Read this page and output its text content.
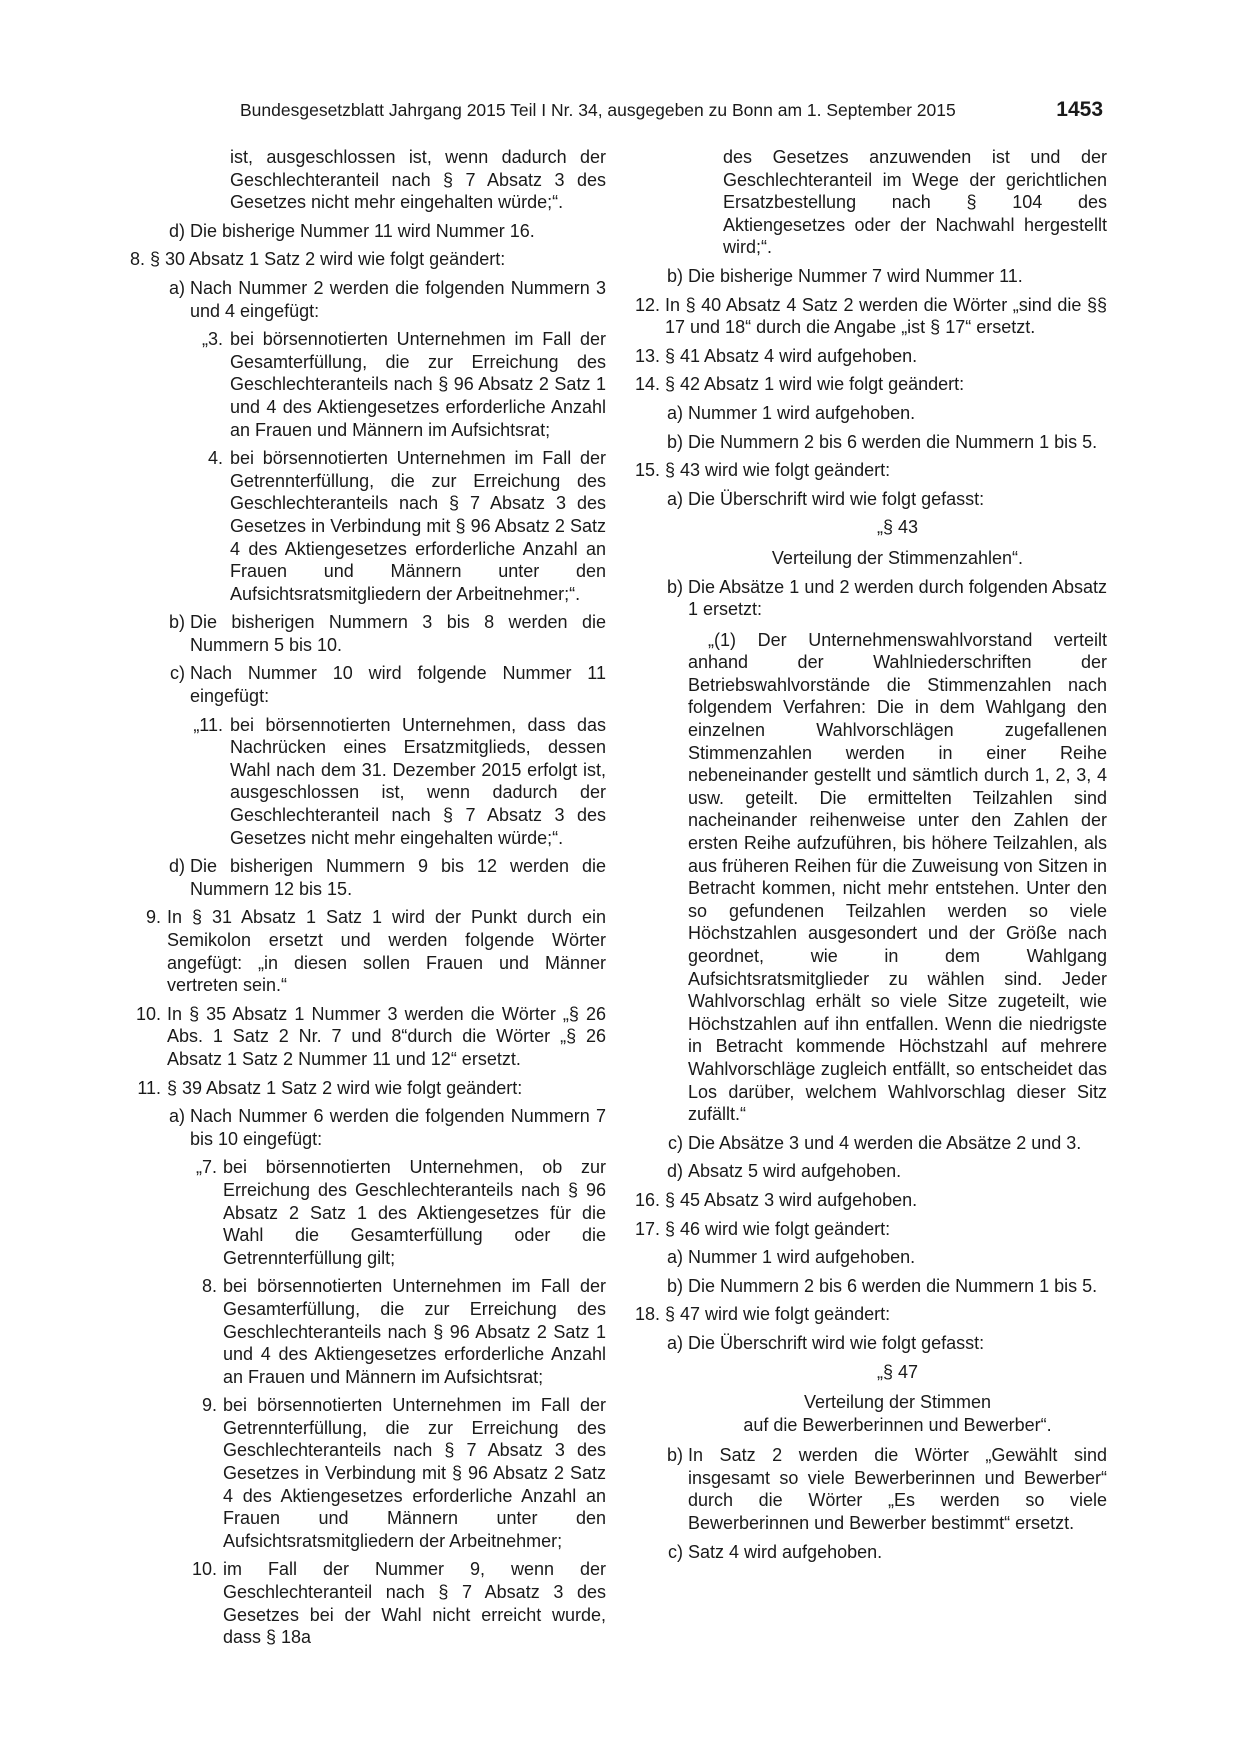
Bundesgesetzblatt Jahrgang 2015 Teil I Nr. 34, ausgegeben zu Bonn am 1. September 2015	1453
ist, ausgeschlossen ist, wenn dadurch der Geschlechteranteil nach § 7 Absatz 3 des Gesetzes nicht mehr eingehalten würde;“.
d) Die bisherige Nummer 11 wird Nummer 16.
8. § 30 Absatz 1 Satz 2 wird wie folgt geändert:
a) Nach Nummer 2 werden die folgenden Nummern 3 und 4 eingefügt:
„3. bei börsennotierten Unternehmen im Fall der Gesamterfüllung, die zur Erreichung des Geschlechteranteils nach § 96 Absatz 2 Satz 1 und 4 des Aktiengesetzes erforderliche Anzahl an Frauen und Männern im Aufsichtsrat;
4. bei börsennotierten Unternehmen im Fall der Getrennterfüllung, die zur Erreichung des Geschlechteranteils nach § 7 Absatz 3 des Gesetzes in Verbindung mit § 96 Absatz 2 Satz 4 des Aktiengesetzes erforderliche Anzahl an Frauen und Männern unter den Aufsichtsratsmitgliedern der Arbeitnehmer;“.
b) Die bisherigen Nummern 3 bis 8 werden die Nummern 5 bis 10.
c) Nach Nummer 10 wird folgende Nummer 11 eingefügt:
„11. bei börsennotierten Unternehmen, dass das Nachrücken eines Ersatzmitglieds, dessen Wahl nach dem 31. Dezember 2015 erfolgt ist, ausgeschlossen ist, wenn dadurch der Geschlechteranteil nach § 7 Absatz 3 des Gesetzes nicht mehr eingehalten würde;“.
d) Die bisherigen Nummern 9 bis 12 werden die Nummern 12 bis 15.
9. In § 31 Absatz 1 Satz 1 wird der Punkt durch ein Semikolon ersetzt und werden folgende Wörter angefügt: „in diesen sollen Frauen und Männer vertreten sein.“
10. In § 35 Absatz 1 Nummer 3 werden die Wörter „§ 26 Abs. 1 Satz 2 Nr. 7 und 8“durch die Wörter „§ 26 Absatz 1 Satz 2 Nummer 11 und 12“ ersetzt.
11. § 39 Absatz 1 Satz 2 wird wie folgt geändert:
a) Nach Nummer 6 werden die folgenden Nummern 7 bis 10 eingefügt:
„7. bei börsennotierten Unternehmen, ob zur Erreichung des Geschlechteranteils nach § 96 Absatz 2 Satz 1 des Aktiengesetzes für die Wahl die Gesamterfüllung oder die Getrennterfüllung gilt;
8. bei börsennotierten Unternehmen im Fall der Gesamterfüllung, die zur Erreichung des Geschlechteranteils nach § 96 Absatz 2 Satz 1 und 4 des Aktiengesetzes erforderliche Anzahl an Frauen und Männern im Aufsichtsrat;
9. bei börsennotierten Unternehmen im Fall der Getrennterfüllung, die zur Erreichung des Geschlechteranteils nach § 7 Absatz 3 des Gesetzes in Verbindung mit § 96 Absatz 2 Satz 4 des Aktiengesetzes erforderliche Anzahl an Frauen und Männern unter den Aufsichtsratsmitgliedern der Arbeitnehmer;
10. im Fall der Nummer 9, wenn der Geschlechteranteil nach § 7 Absatz 3 des Gesetzes bei der Wahl nicht erreicht wurde, dass § 18a
des Gesetzes anzuwenden ist und der Geschlechteranteil im Wege der gerichtlichen Ersatzbestellung nach § 104 des Aktiengesetzes oder der Nachwahl hergestellt wird;“.
b) Die bisherige Nummer 7 wird Nummer 11.
12. In § 40 Absatz 4 Satz 2 werden die Wörter „sind die §§ 17 und 18“ durch die Angabe „ist § 17“ ersetzt.
13. § 41 Absatz 4 wird aufgehoben.
14. § 42 Absatz 1 wird wie folgt geändert:
a) Nummer 1 wird aufgehoben.
b) Die Nummern 2 bis 6 werden die Nummern 1 bis 5.
15. § 43 wird wie folgt geändert:
a) Die Überschrift wird wie folgt gefasst:
„§ 43
Verteilung der Stimmenzahlen“.
b) Die Absätze 1 und 2 werden durch folgenden Absatz 1 ersetzt:
„(1) Der Unternehmenswahlvorstand verteilt anhand der Wahlniederschriften der Betriebswahlvorstände die Stimmenzahlen nach folgendem Verfahren: Die in dem Wahlgang den einzelnen Wahlvorschlägen zugefallenen Stimmenzahlen werden in einer Reihe nebeneinander gestellt und sämtlich durch 1, 2, 3, 4 usw. geteilt. Die ermittelten Teilzahlen sind nacheinander reihenweise unter den Zahlen der ersten Reihe aufzuführen, bis höhere Teilzahlen, als aus früheren Reihen für die Zuweisung von Sitzen in Betracht kommen, nicht mehr entstehen. Unter den so gefundenen Teilzahlen werden so viele Höchstzahlen ausgesondert und der Größe nach geordnet, wie in dem Wahlgang Aufsichtsratsmitglieder zu wählen sind. Jeder Wahlvorschlag erhält so viele Sitze zugeteilt, wie Höchstzahlen auf ihn entfallen. Wenn die niedrigste in Betracht kommende Höchstzahl auf mehrere Wahlvorschläge zugleich entfällt, so entscheidet das Los darüber, welchem Wahlvorschlag dieser Sitz zufällt.“
c) Die Absätze 3 und 4 werden die Absätze 2 und 3.
d) Absatz 5 wird aufgehoben.
16. § 45 Absatz 3 wird aufgehoben.
17. § 46 wird wie folgt geändert:
a) Nummer 1 wird aufgehoben.
b) Die Nummern 2 bis 6 werden die Nummern 1 bis 5.
18. § 47 wird wie folgt geändert:
a) Die Überschrift wird wie folgt gefasst:
„§ 47
Verteilung der Stimmen
auf die Bewerberinnen und Bewerber“.
b) In Satz 2 werden die Wörter „Gewählt sind insgesamt so viele Bewerberinnen und Bewerber“ durch die Wörter „Es werden so viele Bewerberinnen und Bewerber bestimmt“ ersetzt.
c) Satz 4 wird aufgehoben.
